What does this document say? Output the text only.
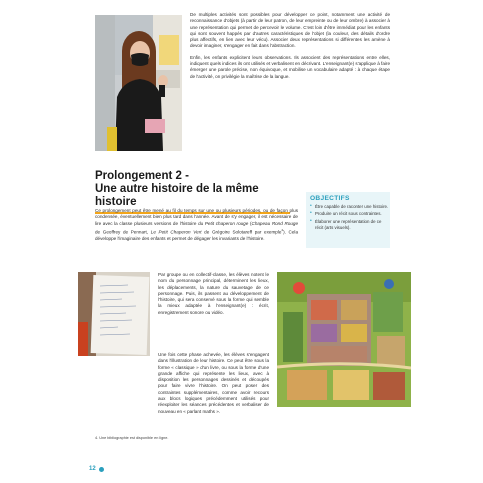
De multiples activités sont possibles pour développer ce point, notamment une activité de reconnaissance d'objets (à partir de leur patron, de leur empreinte ou de leur ombre) à associer à une représentation qui permet de percevoir le volume. C'est loin d'être immédiat pour les enfants qui sont souvent happés par d'autres caractéristiques de l'objet (la couleur, des détails d'ordre plus affectifs, en lien avec leur vécu). Associer deux représentations si différentes les amène à devoir imaginer, s'engager en fait dans l'abstraction.

Enfin, les enfants explicitent leurs observations. Ils associent des représentations entre elles, indiquent quels indices ils ont utilisés et verbalisent en décrivant. L'enseignant(e) s'applique à faire émerger une parole précise, non équivoque, et mobilise un vocabulaire adapté : à chaque étape de l'activité, on privilégie la maîtrise de la langue.

Prolongement 2 -
Une autre histoire de la même histoire	OBJECTIFS
• Être capable de raconter une histoire.
• Produire un récit sous contraintes.
• Élaborer une représentation de ce récit (arts visuels).
Ce prolongement peut être mené au fil du temps sur une ou plusieurs périodes, ou de façon plus condensée, éventuellement bien plus tard dans l'année. Avant de s'y engager, il est nécessaire de lire avec la classe plusieurs versions de l'histoire du Petit chaperon rouge (Chapeau Rond Rouge de Geoffrey de Pennart, Le Petit Chaperon Vert de Grégoire Solotareff par exemple$^4$). Cela développe l'imaginaire des enfants et permet de dégager les invariants de l'histoire.
Par groupe ou en collectif-classe, les élèves notent le nom du personnage principal, déterminent les lieux, les déplacements, la nature du sauvetage de ce personnage. Puis, ils passent au développement de l'histoire, qui sera conservé sous la forme qui semble la mieux adaptée à l'enseignant(e) : écrit, enregistrement sonore ou vidéo.
Une fois cette phase achevée, les élèves s'engagent dans l'illustration de leur histoire. Ce peut être sous la forme « classique » d'un livre, ou sous la forme d'une grande affiche qui représente les lieux, avec à disposition les personnages dessinés et découpés pour faire vivre l'histoire. On peut poser des contraintes supplémentaires, comme avoir recours aux blocs logiques précédemment utilisés pour réexploiter les séances précédentes et verbaliser de nouveau en « parlant maths ».
4. Une bibliographie est disponible en ligne.
12
